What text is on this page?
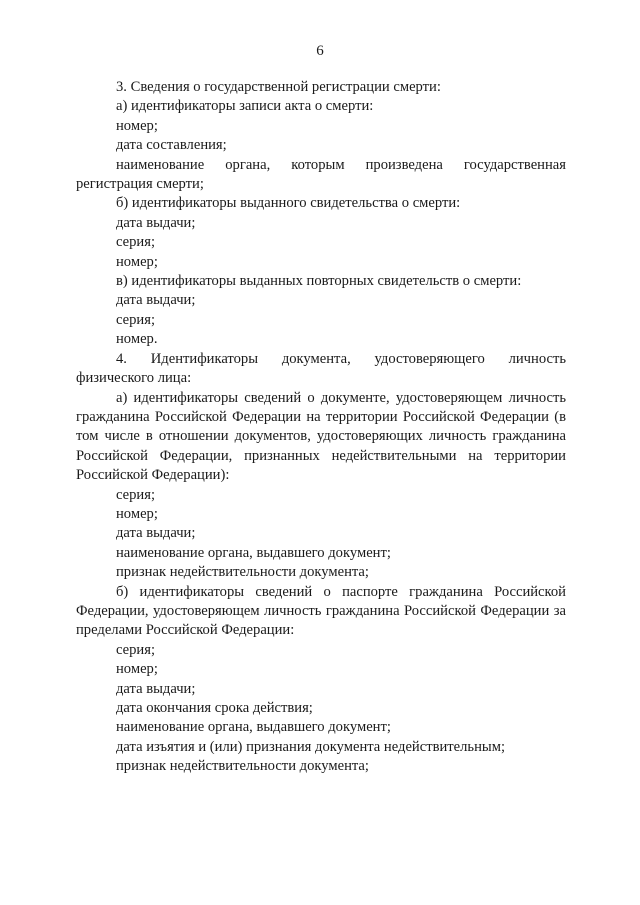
6

3. Сведения о государственной регистрации смерти:

а) идентификаторы записи акта о смерти:

номер;

дата составления;

наименование органа, которым произведена государственная регистрация смерти;

б) идентификаторы выданного свидетельства о смерти:

дата выдачи;

серия;

номер;

в) идентификаторы выданных повторных свидетельств о смерти:

дата выдачи;

серия;

номер.

4. Идентификаторы документа, удостоверяющего личность физического лица:

а) идентификаторы сведений о документе, удостоверяющем личность гражданина Российской Федерации на территории Российской Федерации (в том числе в отношении документов, удостоверяющих личность гражданина Российской Федерации, признанных недействительными на территории Российской Федерации):

серия;

номер;

дата выдачи;

наименование органа, выдавшего документ;

признак недействительности документа;

б) идентификаторы сведений о паспорте гражданина Российской Федерации, удостоверяющем личность гражданина Российской Федерации за пределами Российской Федерации:

серия;

номер;

дата выдачи;

дата окончания срока действия;

наименование органа, выдавшего документ;

дата изъятия и (или) признания документа недействительным;

признак недействительности документа;
